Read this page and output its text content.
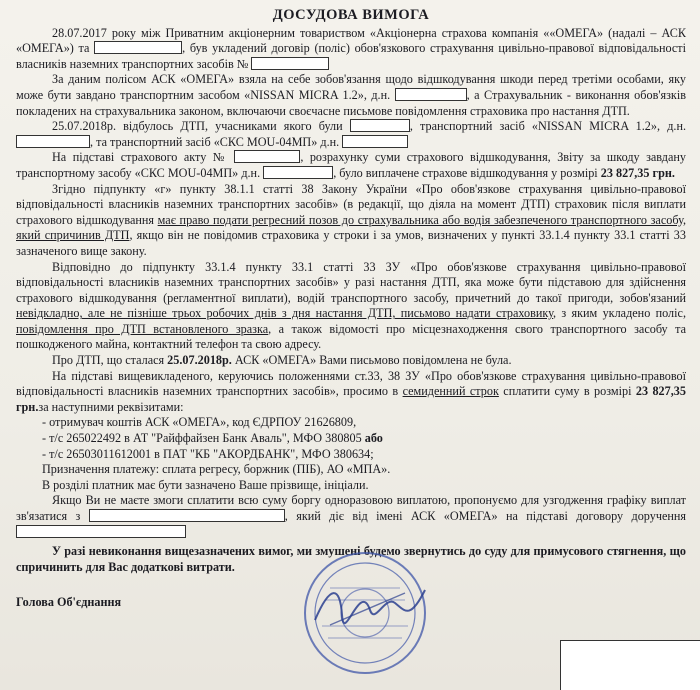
ДОСУДОВА ВИМОГА

28.07.2017 року між Приватним акціонерним товариством «Акціонерна страхова компанія ««ОМЕГА» (надалі – АСК «ОМЕГА») та	, був укладений договір (поліс) обов'язкового страхування цивільно-правової відповідальності власників наземних транспортних засобів №

За даним полісом АСК «ОМЕГА» взяла на себе зобов'язання щодо відшкодування шкоди перед третіми особами, яку може бути завдано транспортним засобом «NISSAN MICRA 1.2», д.н.	, а Страхувальник - виконання обов'язків покладених на страхувальника законом, включаючи своєчасне письмове повідомлення страховика про настання ДТП.

25.07.2018р. відбулось ДТП, учасниками якого були	, транспортний засіб «NISSAN MICRA 1.2», д.н. , та транспортний засіб «СКС MOU-04МП» д.н.

На підставі страхового акту №	, розрахунку суми страхового відшкодування, Звіту за шкоду завдану транспортному засобу «СКС MOU-04МП» д.н.	, було виплачене страхове відшкодування у розмірі 23 827,35 грн.

Згідно підпункту «г» пункту 38.1.1 статті 38 Закону України «Про обов'язкове страхування цивільно-правової відповідальності власників наземних транспортних засобів» (в редакції, що діяла на момент ДТП) страховик після виплати страхового відшкодування має право подати регресний позов до страхувальника або водія забезпеченого транспортного засобу, який спричинив ДТП, якщо він не повідомив страховика у строки і за умов, визначених у пункті 33.1.4 пункту 33.1 статті 33 зазначеного вище закону.

Відповідно до підпункту 33.1.4 пункту 33.1 статті 33 ЗУ «Про обов'язкове страхування цивільно-правової відповідальності власників наземних транспортних засобів» у разі настання ДТП, яка може бути підставою для здійснення страхового відшкодування (регламентної виплати), водій транспортного засобу, причетний до такої пригоди, зобов'язаний невідкладно, але не пізніше трьох робочих днів з дня настання ДТП, письмово надати страховику, з яким укладено поліс, повідомлення про ДТП встановленого зразка, а також відомості про місцезнаходження свого транспортного засобу та пошкодженого майна, контактний телефон та свою адресу.

Про ДТП, що сталася 25.07.2018р. АСК «ОМЕГА» Вами письмово повідомлена не була.

На підставі вищевикладеного, керуючись положеннями ст.33, 38 ЗУ «Про обов'язкове страхування цивільно-правової відповідальності власників наземних транспортних засобів», просимо в семиденний строк сплатити суму в розмірі 23 827,35 грн.за наступними реквізитами:

- отримувач коштів АСК «ОМЕГА», код ЄДРПОУ 21626809,
- т/с 265022492 в АТ "Райффайзен Банк Аваль", МФО 380805 або
- т/с 26503011612001 в ПАТ "КБ "АКОРДБАНК", МФО 380634;
Призначення платежу: сплата регресу, боржник (ПІБ), АО «МПА».
В розділі платник має бути зазначено Ваше прізвище, ініціали.

Якщо Ви не маєте змоги сплатити всю суму боргу одноразовою виплатою, пропонуємо для узгодження графіку виплат зв'язатися з	, який діє від імені АСК «ОМЕГА» на підставі договору доручення

У разі невиконання вищезазначених вимог, ми змушені будемо звернутись до суду для примусового стягнення, що спричинить для Вас додаткові витрати.

Голова Об'єднання
